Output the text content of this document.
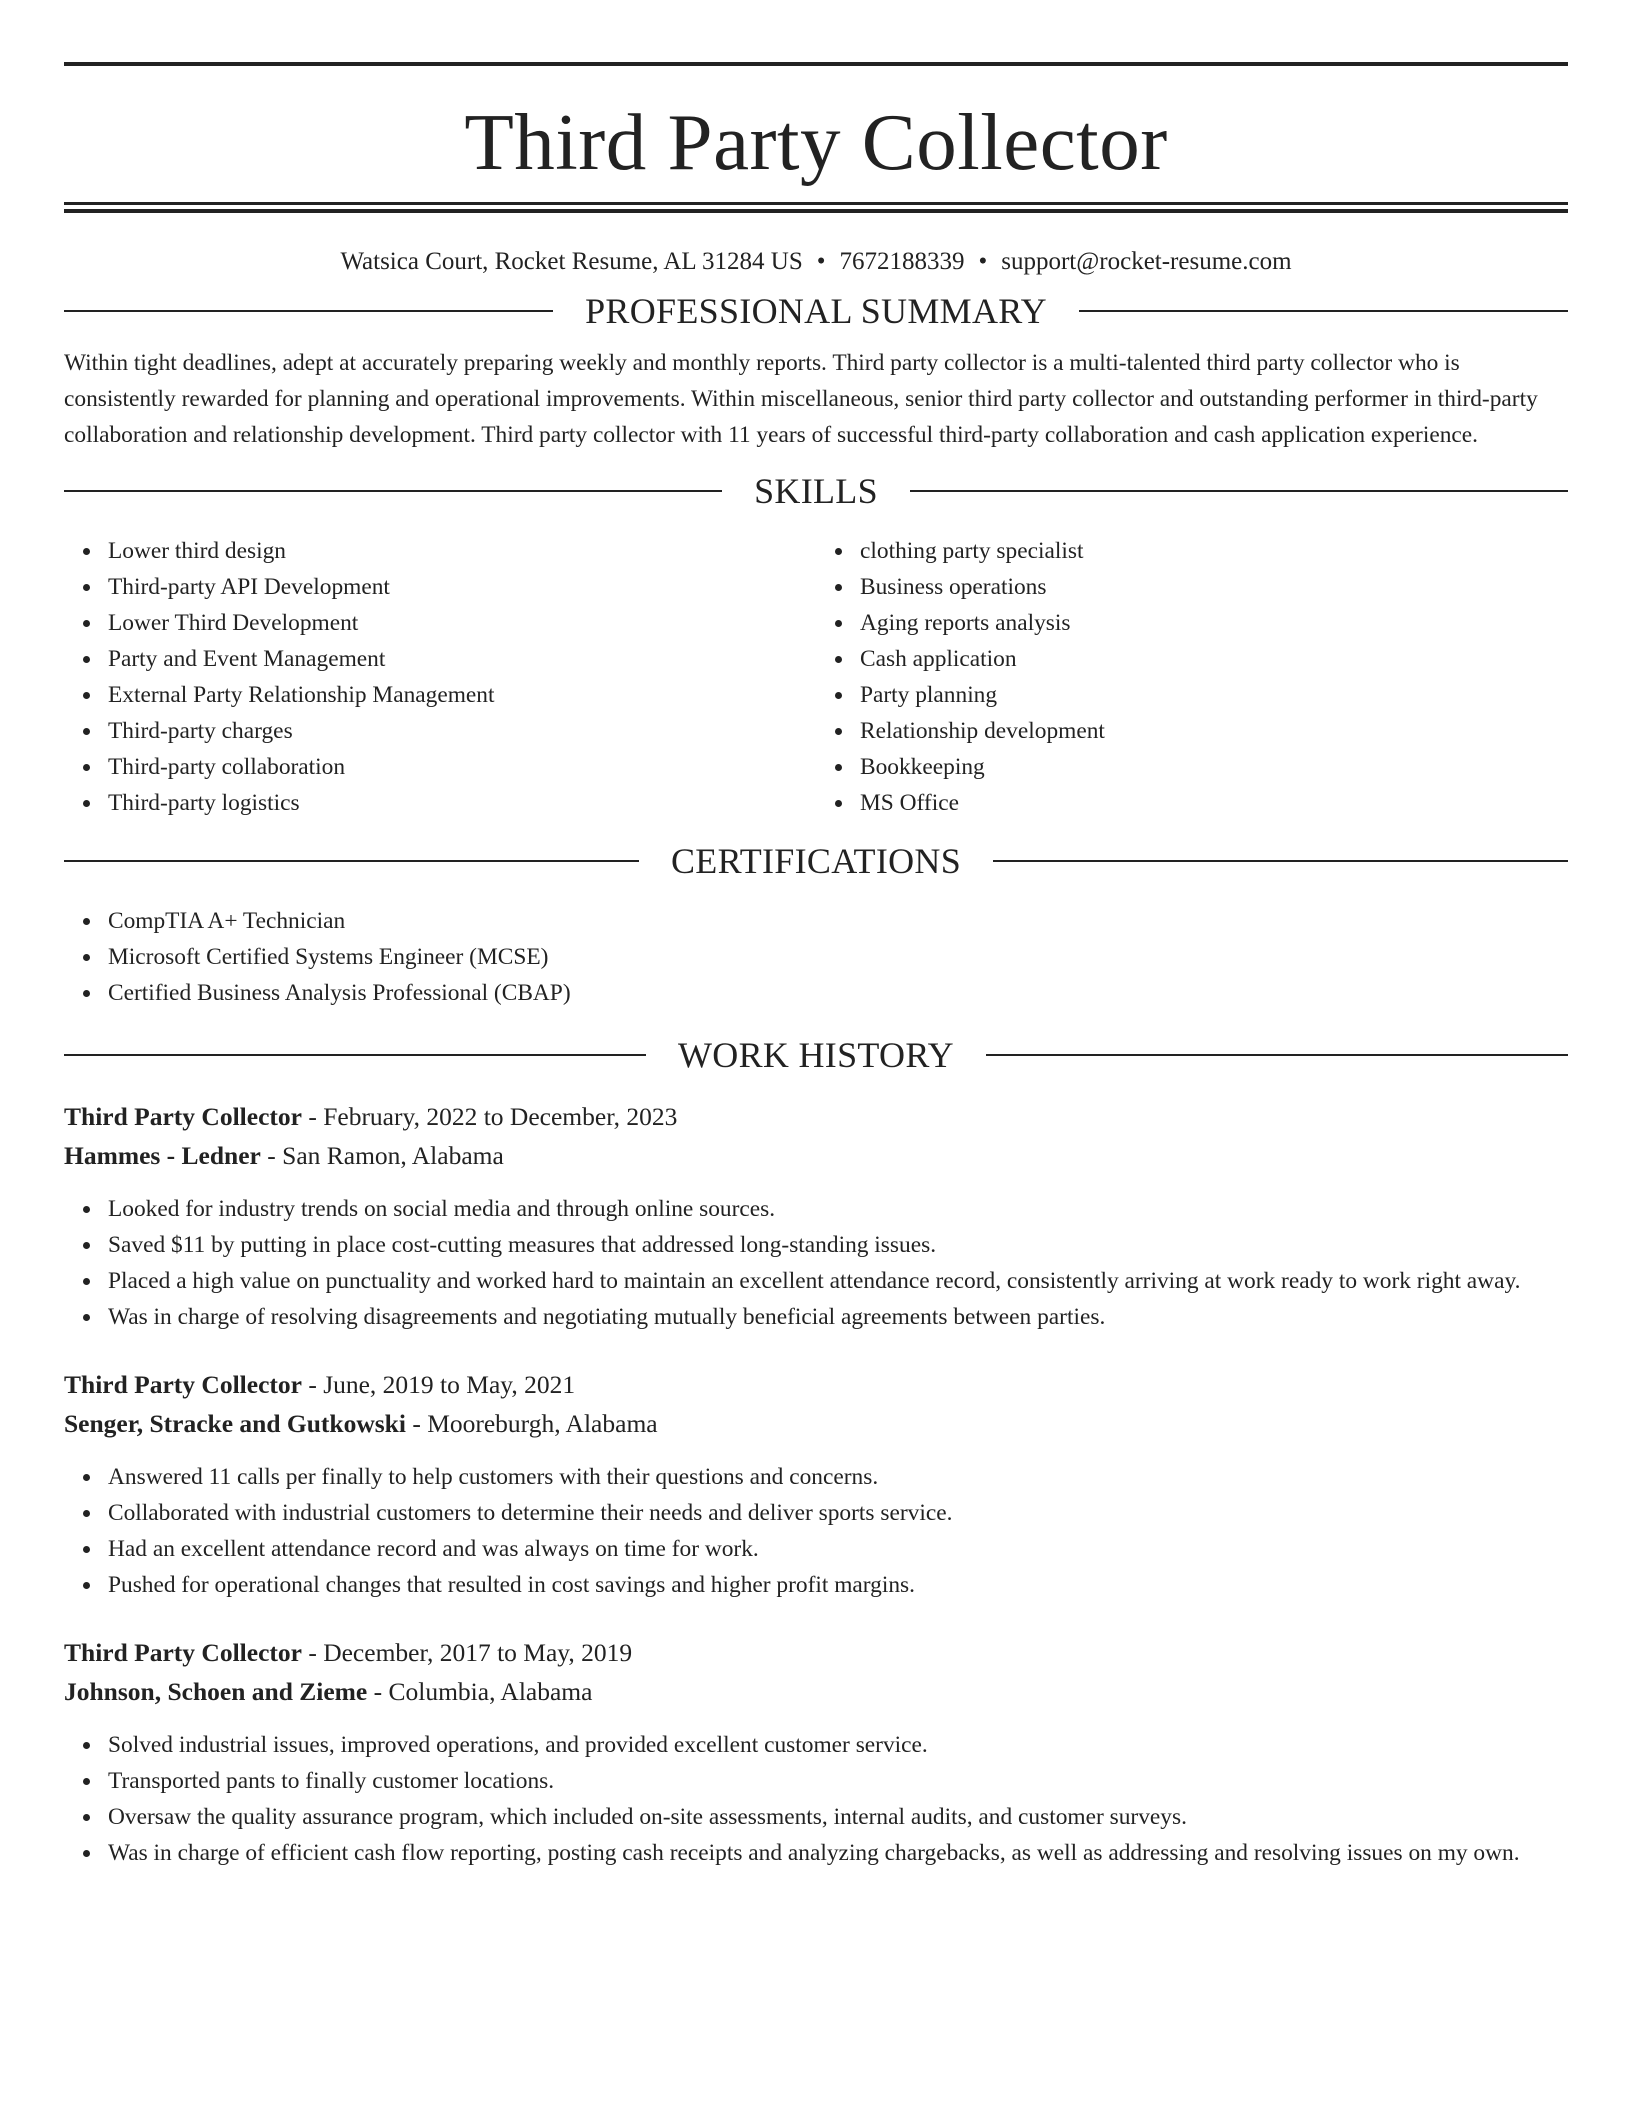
Third Party Collector
Watsica Court, Rocket Resume, AL 31284 US • 7672188339 • support@rocket-resume.com
PROFESSIONAL SUMMARY

Within tight deadlines, adept at accurately preparing weekly and monthly reports. Third party collector is a multi-talented third party collector who is consistently rewarded for planning and operational improvements. Within miscellaneous, senior third party collector and outstanding performer in third-party collaboration and relationship development. Third party collector with 11 years of successful third-party collaboration and cash application experience.

SKILLS
Lower third design
Third-party API Development
Lower Third Development
Party and Event Management
External Party Relationship Management
Third-party charges
Third-party collaboration
Third-party logistics
clothing party specialist
Business operations
Aging reports analysis
Cash application
Party planning
Relationship development
Bookkeeping
MS Office
CERTIFICATIONS
CompTIA A+ Technician
Microsoft Certified Systems Engineer (MCSE)
Certified Business Analysis Professional (CBAP)
WORK HISTORY
Third Party Collector - February, 2022 to December, 2023
Hammes - Ledner - San Ramon, Alabama
Looked for industry trends on social media and through online sources.
Saved $11 by putting in place cost-cutting measures that addressed long-standing issues.
Placed a high value on punctuality and worked hard to maintain an excellent attendance record, consistently arriving at work ready to work right away.
Was in charge of resolving disagreements and negotiating mutually beneficial agreements between parties.
Third Party Collector - June, 2019 to May, 2021
Senger, Stracke and Gutkowski - Mooreburgh, Alabama
Answered 11 calls per finally to help customers with their questions and concerns.
Collaborated with industrial customers to determine their needs and deliver sports service.
Had an excellent attendance record and was always on time for work.
Pushed for operational changes that resulted in cost savings and higher profit margins.
Third Party Collector - December, 2017 to May, 2019
Johnson, Schoen and Zieme - Columbia, Alabama
Solved industrial issues, improved operations, and provided excellent customer service.
Transported pants to finally customer locations.
Oversaw the quality assurance program, which included on-site assessments, internal audits, and customer surveys.
Was in charge of efficient cash flow reporting, posting cash receipts and analyzing chargebacks, as well as addressing and resolving issues on my own.
